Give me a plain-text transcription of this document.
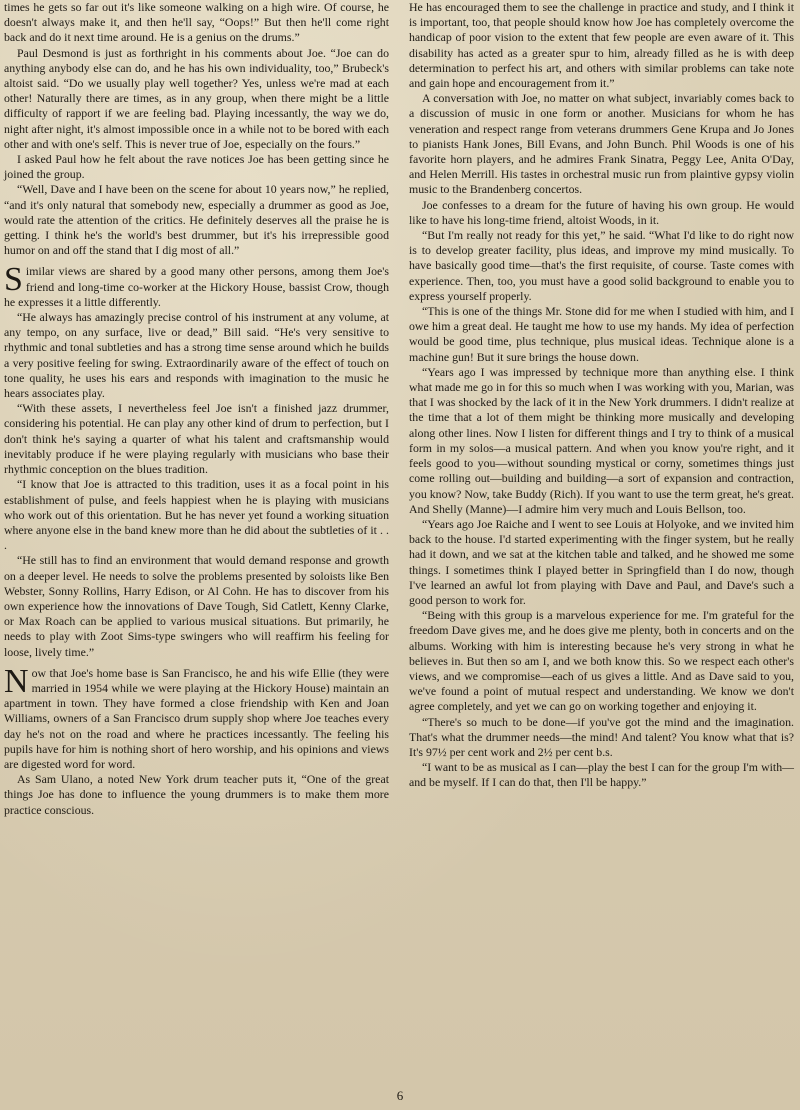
times he gets so far out it's like someone walking on a high wire. Of course, he doesn't always make it, and then he'll say, “Oops!” But then he'll come right back and do it next time around. He is a genius on the drums.”

Paul Desmond is just as forthright in his comments about Joe. “Joe can do anything anybody else can do, and he has his own individuality, too,” Brubeck's altoist said. “Do we usually play well together? Yes, unless we're mad at each other! Naturally there are times, as in any group, when there might be a little difficulty of rapport if we are feeling bad. Playing incessantly, the way we do, night after night, it's almost impossible once in a while not to be bored with each other and with one's self. This is never true of Joe, especially on the fours.”

I asked Paul how he felt about the rave notices Joe has been getting since he joined the group.

“Well, Dave and I have been on the scene for about 10 years now,” he replied, “and it's only natural that somebody new, especially a drummer as good as Joe, would rate the attention of the critics. He definitely deserves all the praise he is getting. I think he's the world's best drummer, but it's his irrepressible good humor on and off the stand that I dig most of all.”

Similar views are shared by a good many other persons, among them Joe's friend and long-time co-worker at the Hickory House, bassist Crow, though he expresses it a little differently.

“He always has amazingly precise control of his instrument at any volume, at any tempo, on any surface, live or dead,” Bill said. “He's very sensitive to rhythmic and tonal subtleties and has a strong time sense around which he builds a very positive feeling for swing. Extraordinarily aware of the effect of touch on tone quality, he uses his ears and responds with imagination to the music he hears associates play.

“With these assets, I nevertheless feel Joe isn't a finished jazz drummer, considering his potential. He can play any other kind of drum to perfection, but I don't think he's saying a quarter of what his talent and craftsmanship would inevitably produce if he were playing regularly with musicians who base their rhythmic conception on the blues tradition.

“I know that Joe is attracted to this tradition, uses it as a focal point in his establishment of pulse, and feels happiest when he is playing with musicians who work out of this orientation. But he has never yet found a working situation where anyone else in the band knew more than he did about the subtleties of it . . .

“He still has to find an environment that would demand response and growth on a deeper level. He needs to solve the problems presented by soloists like Ben Webster, Sonny Rollins, Harry Edison, or Al Cohn. He has to discover from his own experience how the innovations of Dave Tough, Sid Catlett, Kenny Clarke, or Max Roach can be applied to various musical situations. But primarily, he needs to play with Zoot Sims-type swingers who will reaffirm his feeling for loose, lively time.”

Now that Joe's home base is San Francisco, he and his wife Ellie (they were married in 1954 while we were playing at the Hickory House) maintain an apartment in town. They have formed a close friendship with Ken and Joan Williams, owners of a San Francisco drum supply shop where Joe teaches every day he's not on the road and where he practices incessantly. The feeling his pupils have for him is nothing short of hero worship, and his opinions and views are digested word for word.

As Sam Ulano, a noted New York drum teacher puts it, “One of the great things Joe has done to influence the young drummers is to make them more practice conscious.

He has encouraged them to see the challenge in practice and study, and I think it is important, too, that people should know how Joe has completely overcome the handicap of poor vision to the extent that few people are even aware of it. This disability has acted as a greater spur to him, already filled as he is with deep determination to perfect his art, and others with similar problems can take note and gain hope and encouragement from it.”

A conversation with Joe, no matter on what subject, invariably comes back to a discussion of music in one form or another. Musicians for whom he has veneration and respect range from veterans drummers Gene Krupa and Jo Jones to pianists Hank Jones, Bill Evans, and John Bunch. Phil Woods is one of his favorite horn players, and he admires Frank Sinatra, Peggy Lee, Anita O'Day, and Helen Merrill. His tastes in orchestral music run from plaintive gypsy violin music to the Brandenberg concertos.

Joe confesses to a dream for the future of having his own group. He would like to have his long-time friend, altoist Woods, in it.

“But I'm really not ready for this yet,” he said. “What I'd like to do right now is to develop greater facility, plus ideas, and improve my mind musically. To have basically good time—that's the first requisite, of course. Taste comes with experience. Then, too, you must have a good solid background to enable you to express yourself properly.

“This is one of the things Mr. Stone did for me when I studied with him, and I owe him a great deal. He taught me how to use my hands. My idea of perfection would be good time, plus technique, plus musical ideas. Technique alone is a machine gun! But it sure brings the house down.

“Years ago I was impressed by technique more than anything else. I think what made me go in for this so much when I was working with you, Marian, was that I was shocked by the lack of it in the New York drummers. I didn't realize at the time that a lot of them might be thinking more musically and developing along other lines. Now I listen for different things and I try to think of a musical form in my solos—a musical pattern. And when you know you're right, and it feels good to you—without sounding mystical or corny, sometimes things just come rolling out—building and building—a sort of expansion and contraction, you know? Now, take Buddy (Rich). If you want to use the term great, he's great. And Shelly (Manne)—I admire him very much and Louis Bellson, too.

“Years ago Joe Raiche and I went to see Louis at Holyoke, and we invited him back to the house. I'd started experimenting with the finger system, but he really had it down, and we sat at the kitchen table and talked, and he showed me some things. I sometimes think I played better in Springfield than I do now, though I've learned an awful lot from playing with Dave and Paul, and Dave's such a good person to work for.

“Being with this group is a marvelous experience for me. I'm grateful for the freedom Dave gives me, and he does give me plenty, both in concerts and on the albums. Working with him is interesting because he's very strong in what he believes in. But then so am I, and we both know this. So we respect each other's views, and we compromise—each of us gives a little. And as Dave said to you, we've found a point of mutual respect and understanding. We know we don't agree completely, and yet we can go on working together and enjoying it.

“There's so much to be done—if you've got the mind and the imagination. That's what the drummer needs—the mind! And talent? You know what that is? It's 97½ per cent work and 2½ per cent b.s.

“I want to be as musical as I can—play the best I can for the group I'm with—and be myself. If I can do that, then I'll be happy.”

6
